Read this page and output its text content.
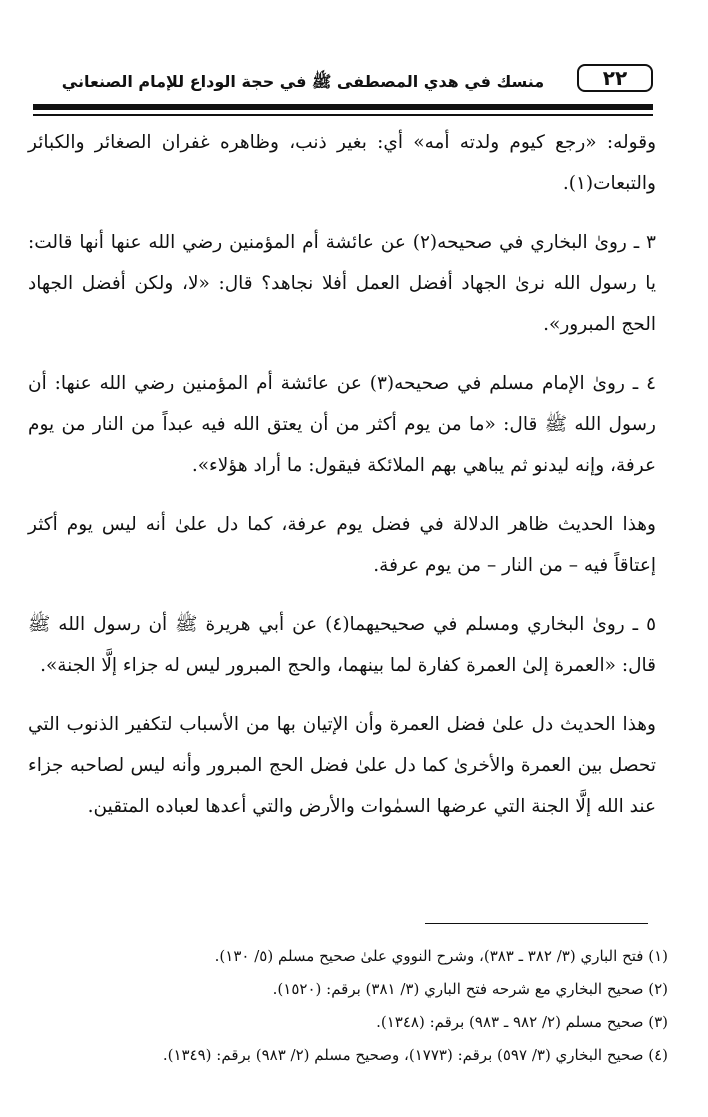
٢٢
منسك في هدي المصطفى ﷺ في حجة الوداع للإمام الصنعاني

وقوله: «رجع كيوم ولدته أمه» أي: بغير ذنب، وظاهره غفران الصغائر والكبائر والتبعات(١).

٣ ـ روىٰ البخاري في صحيحه(٢) عن عائشة أم المؤمنين رضي الله عنها أنها قالت: يا رسول الله نرىٰ الجهاد أفضل العمل أفلا نجاهد؟ قال: «لا، ولكن أفضل الجهاد الحج المبرور».

٤ ـ روىٰ الإمام مسلم في صحيحه(٣) عن عائشة أم المؤمنين رضي الله عنها: أن رسول الله ﷺ قال: «ما من يوم أكثر من أن يعتق الله فيه عبداً من النار من يوم عرفة، وإنه ليدنو ثم يباهي بهم الملائكة فيقول: ما أراد هؤلاء».

وهذا الحديث ظاهر الدلالة في فضل يوم عرفة، كما دل علىٰ أنه ليس يوم أكثر إعتاقاً فيه – من النار – من يوم عرفة.

٥ ـ روىٰ البخاري ومسلم في صحيحيهما(٤) عن أبي هريرة ﷺ أن رسول الله ﷺ قال: «العمرة إلىٰ العمرة كفارة لما بينهما، والحج المبرور ليس له جزاء إلَّا الجنة».

وهذا الحديث دل علىٰ فضل العمرة وأن الإتيان بها من الأسباب لتكفير الذنوب التي تحصل بين العمرة والأخرىٰ كما دل علىٰ فضل الحج المبرور وأنه ليس لصاحبه جزاء عند الله إلَّا الجنة التي عرضها السمٰوات والأرض والتي أعدها لعباده المتقين.

(١) فتح الباري (٣/ ٣٨٢ ـ ٣٨٣)، وشرح النووي علىٰ صحيح مسلم (٥/ ١٣٠).
(٢) صحيح البخاري مع شرحه فتح الباري (٣/ ٣٨١) برقم: (١٥٢٠).
(٣) صحيح مسلم (٢/ ٩٨٢ ـ ٩٨٣) برقم: (١٣٤٨).
(٤) صحيح البخاري (٣/ ٥٩٧) برقم: (١٧٧٣)، وصحيح مسلم (٢/ ٩٨٣) برقم: (١٣٤٩).
